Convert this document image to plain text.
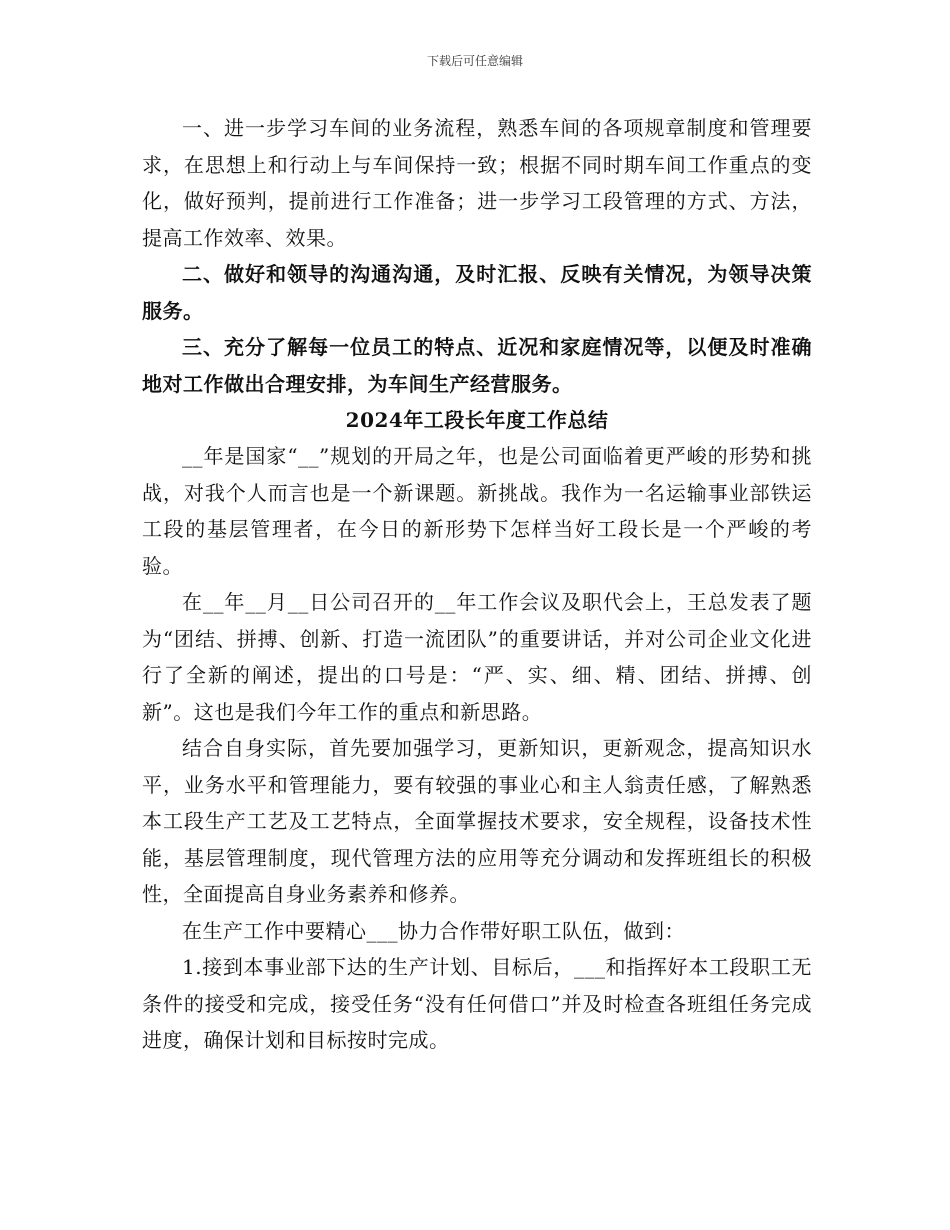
下载后可任意编辑

一、进一步学习车间的业务流程，熟悉车间的各项规章制度和管理要求，在思想上和行动上与车间保持一致；根据不同时期车间工作重点的变化，做好预判，提前进行工作准备；进一步学习工段管理的方式、方法，提高工作效率、效果。

二、做好和领导的沟通沟通，及时汇报、反映有关情况，为领导决策服务。

三、充分了解每一位员工的特点、近况和家庭情况等，以便及时准确地对工作做出合理安排，为车间生产经营服务。

2024年工段长年度工作总结

__年是国家“__”规划的开局之年，也是公司面临着更严峻的形势和挑战，对我个人而言也是一个新课题。新挑战。我作为一名运输事业部铁运工段的基层管理者，在今日的新形势下怎样当好工段长是一个严峻的考验。

在__年__月__日公司召开的__年工作会议及职代会上，王总发表了题为“团结、拼搏、创新、打造一流团队”的重要讲话，并对公司企业文化进行了全新的阐述，提出的口号是：“严、实、细、精、团结、拼搏、创新”。这也是我们今年工作的重点和新思路。

结合自身实际，首先要加强学习，更新知识，更新观念，提高知识水平，业务水平和管理能力，要有较强的事业心和主人翁责任感，了解熟悉本工段生产工艺及工艺特点，全面掌握技术要求，安全规程，设备技术性能，基层管理制度，现代管理方法的应用等充分调动和发挥班组长的积极性，全面提高自身业务素养和修养。

在生产工作中要精心___协力合作带好职工队伍，做到：

1.接到本事业部下达的生产计划、目标后，___和指挥好本工段职工无条件的接受和完成，接受任务“没有任何借口”并及时检查各班组任务完成进度，确保计划和目标按时完成。
